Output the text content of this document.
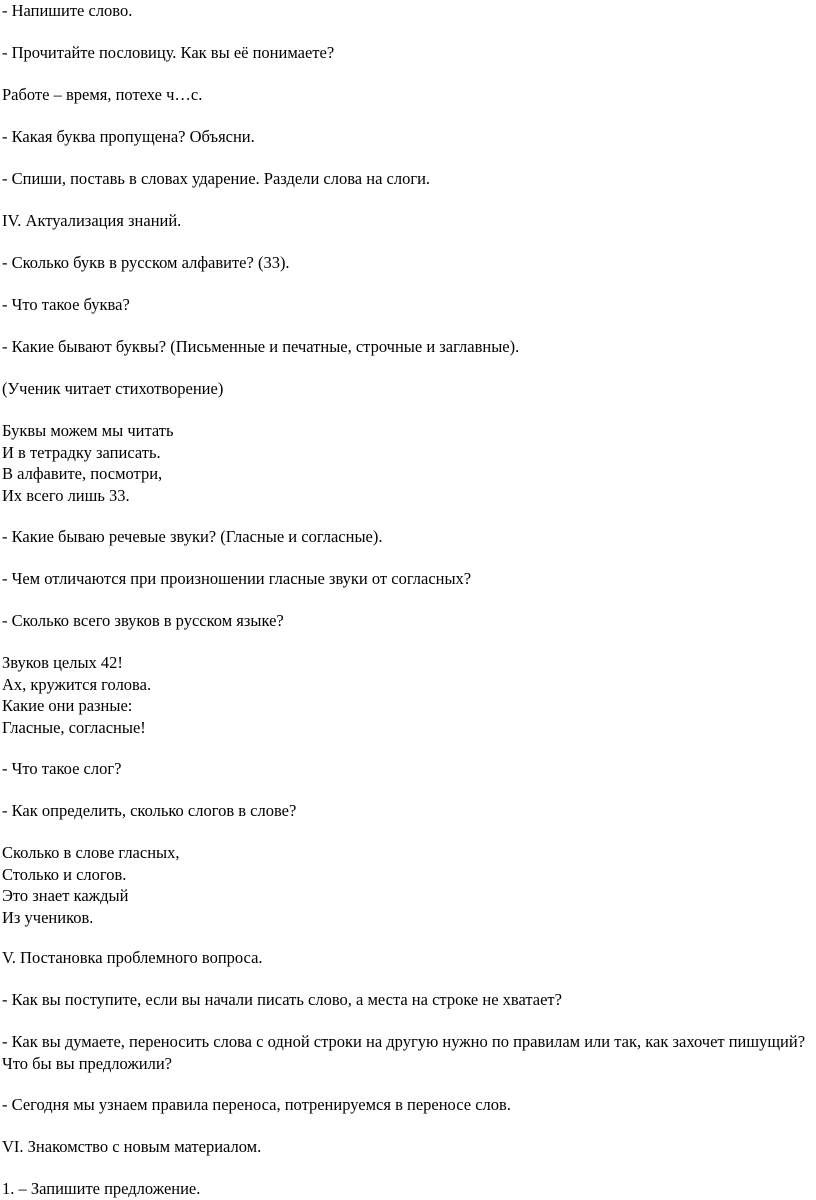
- Напишите слово.

- Прочитайте пословицу. Как вы её понимаете?

Работе – время, потехе ч…с.

- Какая буква пропущена? Объясни.

- Спиши, поставь в словах ударение. Раздели слова на слоги.

IV. Актуализация знаний.

- Сколько букв в русском алфавите? (33).

- Что такое буква?

- Какие бывают буквы? (Письменные и печатные, строчные и заглавные).

(Ученик читает стихотворение)

Буквы можем мы читать
И в тетрадку записать.
В алфавите, посмотри,
Их всего лишь 33.

- Какие бываю речевые звуки? (Гласные и согласные).

- Чем отличаются при произношении гласные звуки от согласных?

- Сколько всего звуков в русском языке?

Звуков целых 42!
Ах, кружится голова.
Какие они разные:
Гласные, согласные!

- Что такое слог?

- Как определить, сколько слогов в слове?

Сколько в слове гласных,
Столько и слогов.
Это знает каждый
Из учеников.

V. Постановка проблемного вопроса.

- Как вы поступите, если вы начали писать слово, а места на строке не хватает?

- Как вы думаете, переносить слова с одной строки на другую нужно по правилам или так, как захочет пишущий? Что бы вы предложили?

- Сегодня мы узнаем правила переноса, потренируемся в переносе слов.

VI. Знакомство с новым материалом.

1. – Запишите предложение.
